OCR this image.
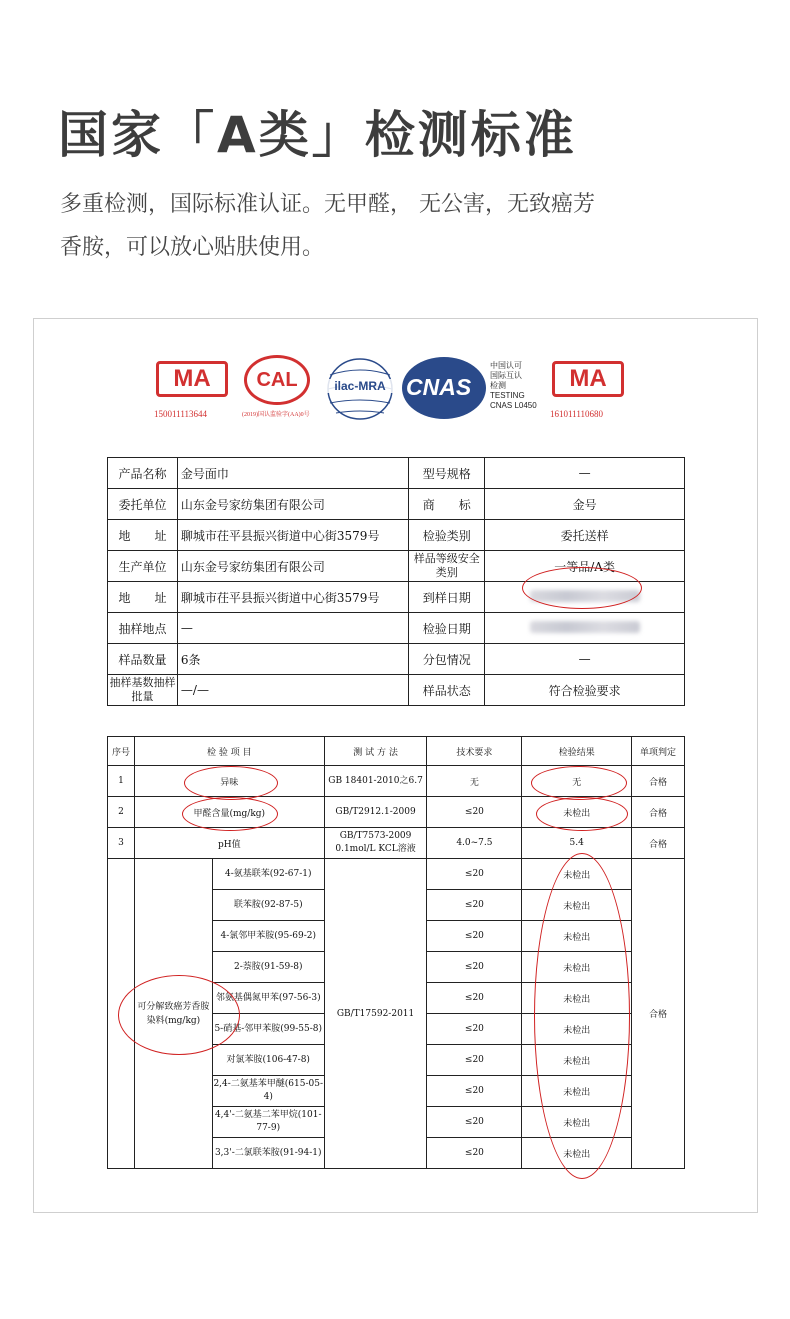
国家「A类」检测标准
多重检测，国际标准认证。无甲醛， 无公害，无致癌芳
香胺，可以放心贴肤使用。
MA
150011113644
CAL
(2019)国认监验字(AA)0号
ilac-MRA CNAS
中国认可
国际互认
检测
TESTING
CNAS L0450
MA
161011110680
产品名称	金号面巾	型号规格	—
委托单位	山东金号家纺集团有限公司	商　　标	金号
地　　址	聊城市茌平县振兴街道中心街3579号	检验类别	委托送样
生产单位	山东金号家纺集团有限公司	样品等级安全类别	一等品/A类
地　　址	聊城市茌平县振兴街道中心街3579号	到样日期	
抽样地点	—	检验日期	
样品数量	6条	分包情况	—
抽样基数抽样批量	—/—	样品状态	符合检验要求
序号	检 验 项 目		测 试 方 法	技术要求	检验结果	单项判定
1	异味		GB 18401-2010之6.7	无	无	合格
2	甲醛含量(mg/kg)		GB/T2912.1-2009	≤20	未检出	合格
3	pH值		GB/T7573-2009 0.1mol/L KCL溶液	4.0~7.5	5.4	合格
	可分解致癌芳香胺染料(mg/kg)	4-氨基联苯(92-67-1)	GB/T17592-2011	≤20	未检出	合格
		联苯胺(92-87-5)		≤20	未检出	
		4-氯邻甲苯胺(95-69-2)		≤20	未检出	
		2-萘胺(91-59-8)		≤20	未检出	
		邻氨基偶氮甲苯(97-56-3)		≤20	未检出	
		5-硝基-邻甲苯胺(99-55-8)		≤20	未检出	
		对氯苯胺(106-47-8)		≤20	未检出	
		2,4-二氨基苯甲醚(615-05-4)		≤20	未检出	
		4,4'-二氨基二苯甲烷(101-77-9)		≤20	未检出	
		3,3'-二氯联苯胺(91-94-1)		≤20	未检出	
